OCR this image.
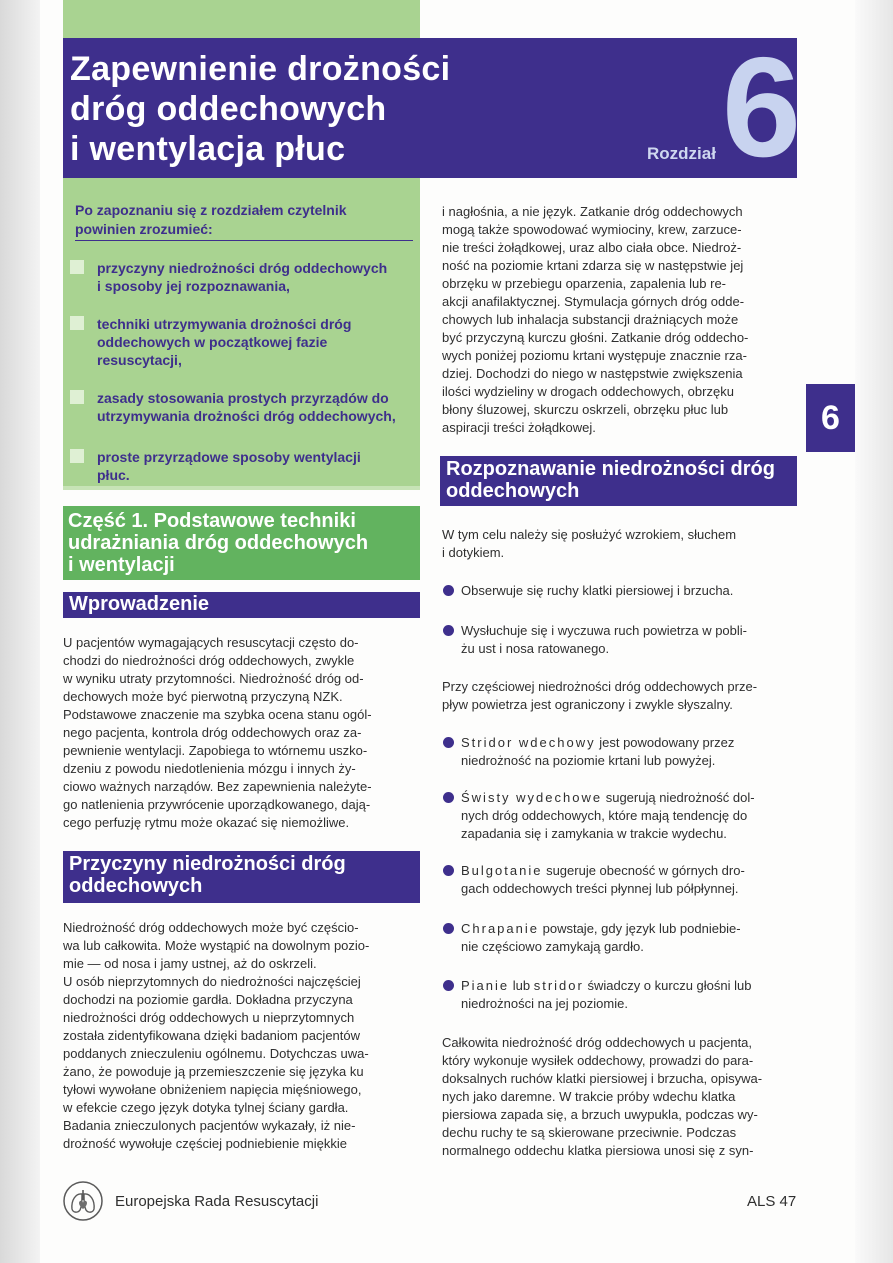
Zapewnienie drożności
dróg oddechowych
i wentylacja płuc	Rozdział 6
6
Po zapoznaniu się z rozdziałem czytelnik
powinien zrozumieć:
przyczyny niedrożności dróg oddechowych
i sposoby jej rozpoznawania,
techniki utrzymywania drożności dróg
oddechowych w początkowej fazie
resuscytacji,
zasady stosowania prostych przyrządów do
utrzymywania drożności dróg oddechowych,
proste przyrządowe sposoby wentylacji
płuc.
Część 1. Podstawowe techniki
udrażniania dróg oddechowych
i wentylacji
Wprowadzenie
U pacjentów wymagających resuscytacji często do-
chodzi do niedrożności dróg oddechowych, zwykle
w wyniku utraty przytomności. Niedrożność dróg od-
dechowych może być pierwotną przyczyną NZK.
Podstawowe znaczenie ma szybka ocena stanu ogól-
nego pacjenta, kontrola dróg oddechowych oraz za-
pewnienie wentylacji. Zapobiega to wtórnemu uszko-
dzeniu z powodu niedotlenienia mózgu i innych ży-
ciowo ważnych narządów. Bez zapewnienia należyte-
go natlenienia przywrócenie uporządkowanego, dają-
cego perfuzję rytmu może okazać się niemożliwe.
Przyczyny niedrożności dróg
oddechowych
Niedrożność dróg oddechowych może być częścio-
wa lub całkowita. Może wystąpić na dowolnym pozio-
mie — od nosa i jamy ustnej, aż do oskrzeli.
U osób nieprzytomnych do niedrożności najczęściej
dochodzi na poziomie gardła. Dokładna przyczyna
niedrożności dróg oddechowych u nieprzytomnych
została zidentyfikowana dzięki badaniom pacjentów
poddanych znieczuleniu ogólnemu. Dotychczas uwa-
żano, że powoduje ją przemieszczenie się języka ku
tyłowi wywołane obniżeniem napięcia mięśniowego,
w efekcie czego język dotyka tylnej ściany gardła.
Badania znieczulonych pacjentów wykazały, iż nie-
drożność wywołuje częściej podniebienie miękkie
i nagłośnia, a nie język. Zatkanie dróg oddechowych
mogą także spowodować wymiociny, krew, zarzuce-
nie treści żołądkowej, uraz albo ciała obce. Niedroż-
ność na poziomie krtani zdarza się w następstwie jej
obrzęku w przebiegu oparzenia, zapalenia lub re-
akcji anafilaktycznej. Stymulacja górnych dróg odde-
chowych lub inhalacja substancji drażniących może
być przyczyną kurczu głośni. Zatkanie dróg oddecho-
wych poniżej poziomu krtani występuje znacznie rza-
dziej. Dochodzi do niego w następstwie zwiększenia
ilości wydzieliny w drogach oddechowych, obrzęku
błony śluzowej, skurczu oskrzeli, obrzęku płuc lub
aspiracji treści żołądkowej.
Rozpoznawanie niedrożności dróg
oddechowych
W tym celu należy się posłużyć wzrokiem, słuchem
i dotykiem.
Obserwuje się ruchy klatki piersiowej i brzucha.
Wysłuchuje się i wyczuwa ruch powietrza w pobli-
żu ust i nosa ratowanego.
Przy częściowej niedrożności dróg oddechowych prze-
pływ powietrza jest ograniczony i zwykle słyszalny.
Stridor wdechowy jest powodowany przez
niedrożność na poziomie krtani lub powyżej.
Świsty wydechowe sugerują niedrożność dol-
nych dróg oddechowych, które mają tendencję do
zapadania się i zamykania w trakcie wydechu.
Bulgotanie sugeruje obecność w górnych dro-
gach oddechowych treści płynnej lub półpłynnej.
Chrapanie powstaje, gdy język lub podniebie-
nie częściowo zamykają gardło.
Pianie lub stridor świadczy o kurczu głośni lub
niedrożności na jej poziomie.
Całkowita niedrożność dróg oddechowych u pacjenta,
który wykonuje wysiłek oddechowy, prowadzi do para-
doksalnych ruchów klatki piersiowej i brzucha, opisywa-
nych jako daremne. W trakcie próby wdechu klatka
piersiowa zapada się, a brzuch uwypukla, podczas wy-
dechu ruchy te są skierowane przeciwnie. Podczas
normalnego oddechu klatka piersiowa unosi się z syn-
Europejska Rada Resuscytacji	ALS 47
